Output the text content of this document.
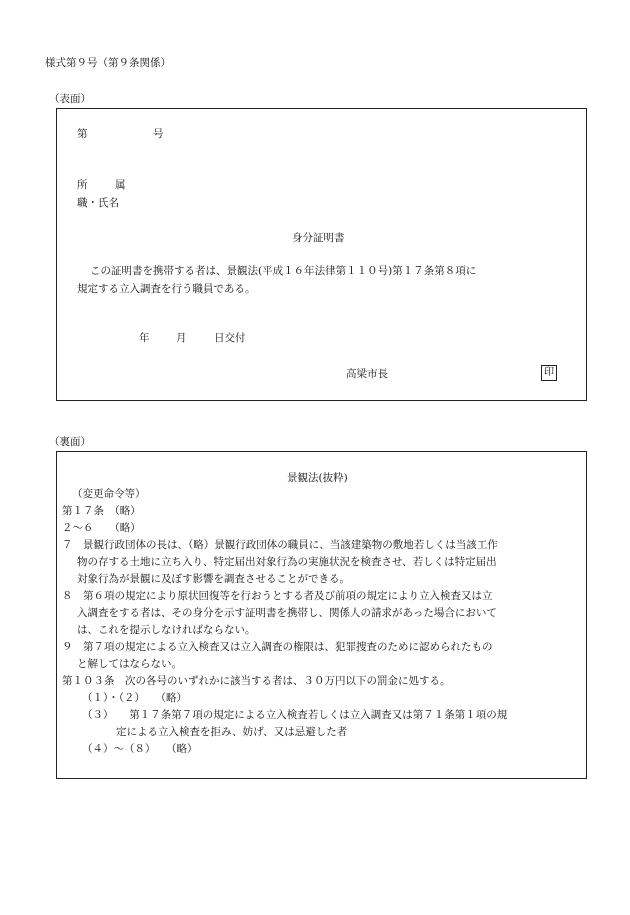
様式第９号（第９条関係）
（表面）
第	号
所	属
職・氏名
身分証明書
この証明書を携帯する者は、景観法(平成１６年法律第１１０号)第１７条第８項に
規定する立入調査を行う職員である。
年	月	日交付
高梁市長	印
（裏面）
景観法(抜粋)
（変更命令等）
第１７条　（略）
２～６　　（略）
７　景観行政団体の長は、（略）景観行政団体の職員に、当該建築物の敷地若しくは当該工作
物の存する土地に立ち入り、特定届出対象行為の実施状況を検査させ、若しくは特定届出
対象行為が景観に及ぼす影響を調査させることができる。
８　第６項の規定により原状回復等を行おうとする者及び前項の規定により立入検査又は立
入調査をする者は、その身分を示す証明書を携帯し、関係人の請求があった場合において
は、これを提示しなければならない。
９　第７項の規定による立入検査又は立入調査の権限は、犯罪捜査のために認められたもの
と解してはならない。
第１０３条　次の各号のいずれかに該当する者は、３０万円以下の罰金に処する。
（１）・（２）　　（略）
（３）　　第１７条第７項の規定による立入検査若しくは立入調査又は第７１条第１項の規
定による立入検査を拒み、妨げ、又は忌避した者
（４）～（８）　　（略）
